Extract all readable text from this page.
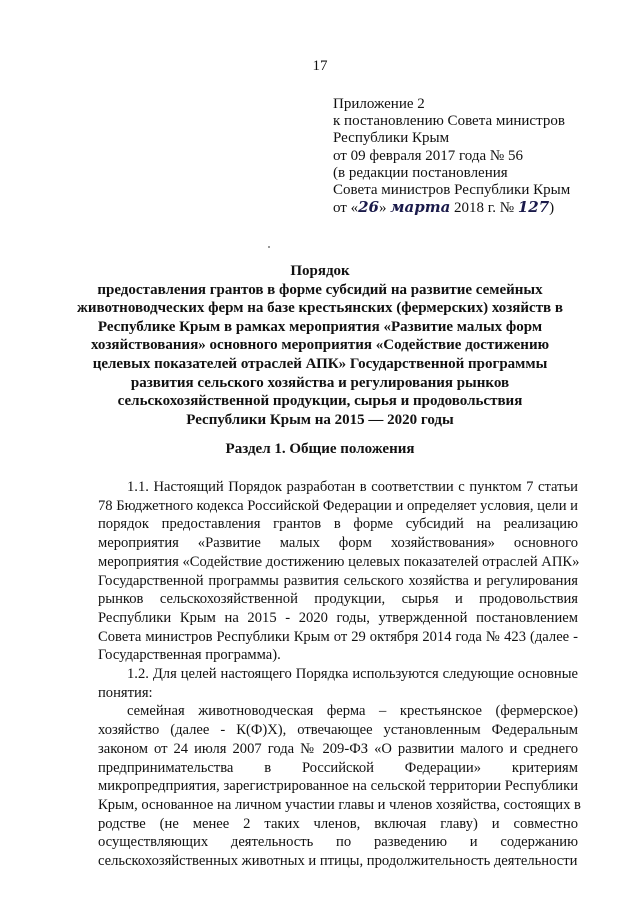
17
Приложение 2
к постановлению Совета министров
Республики Крым
от 09 февраля 2017 года № 56
(в редакции постановления
Совета министров Республики Крым
от «26» марта 2018 г. № 127)
Порядок
предоставления грантов в форме субсидий на развитие семейных
животноводческих ферм на базе крестьянских (фермерских) хозяйств в
Республике Крым в рамках мероприятия «Развитие малых форм
хозяйствования» основного мероприятия «Содействие достижению
целевых показателей отраслей АПК» Государственной программы
развития сельского хозяйства и регулирования рынков
сельскохозяйственной продукции, сырья и продовольствия
Республики Крым на 2015 — 2020 годы
Раздел 1. Общие положения
1.1. Настоящий Порядок разработан в соответствии с пунктом 7 статьи
78 Бюджетного кодекса Российской Федерации и определяет условия, цели и
порядок предоставления грантов в форме субсидий на реализацию
мероприятия «Развитие малых форм хозяйствования» основного
мероприятия «Содействие достижению целевых показателей отраслей АПК»
Государственной программы развития сельского хозяйства и регулирования
рынков сельскохозяйственной продукции, сырья и продовольствия
Республики Крым на 2015 - 2020 годы, утвержденной постановлением
Совета министров Республики Крым от 29 октября 2014 года № 423 (далее -
Государственная программа).
1.2. Для целей настоящего Порядка используются следующие основные
понятия:
семейная животноводческая ферма – крестьянское (фермерское)
хозяйство (далее - К(Ф)Х), отвечающее установленным Федеральным
законом от 24 июля 2007 года № 209-ФЗ «О развитии малого и среднего
предпринимательства в Российской Федерации» критериям
микропредприятия, зарегистрированное на сельской территории Республики
Крым, основанное на личном участии главы и членов хозяйства, состоящих в
родстве (не менее 2 таких членов, включая главу) и совместно
осуществляющих деятельность по разведению и содержанию
сельскохозяйственных животных и птицы, продолжительность деятельности
